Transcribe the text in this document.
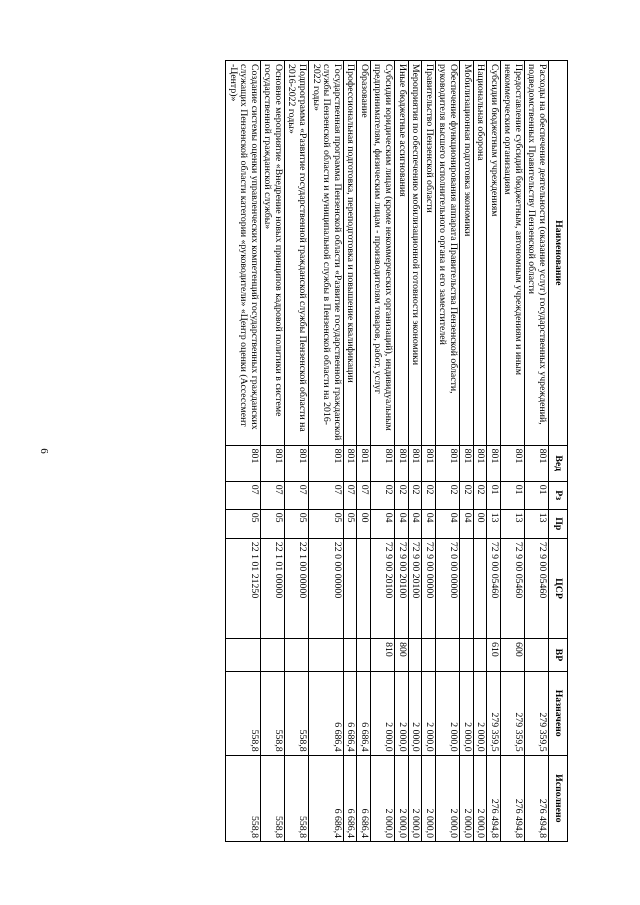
6
Наименование	Вед	Рз	Пр	ЦСР	ВР	Назначено	Исполнено
Расходы на обеспечение деятельности (оказание услуг) государственных учреждений, подведомственных Правительству Пензенской области	801	01	13	72 9 00 05460		279 359,5	276 494,8
Предоставление субсидий бюджетным, автономным учреждениям и иным некоммерческим организациям	801	01	13	72 9 00 05460	600	279 359,5	276 494,8
Субсидии бюджетным учреждениям	801	01	13	72 9 00 05460	610	279 359,5	276 494,8
Национальная оборона	801	02	00			2 000,0	2 000,0
Мобилизационная подготовка экономики	801	02	04			2 000,0	2 000,0
Обеспечение функционирования аппарата Правительства Пензенской области, руководителя высшего исполнительного органа и его заместителей	801	02	04	72 0 00 00000		2 000,0	2 000,0
Правительство Пензенской области	801	02	04	72 9 00 00000		2 000,0	2 000,0
Мероприятия по обеспечению мобилизационной готовности экономики	801	02	04	72 9 00 20100		2 000,0	2 000,0
Иные бюджетные ассигнования	801	02	04	72 9 00 20100	800	2 000,0	2 000,0
Субсидии юридическим лицам (кроме некоммерческих организаций), индивидуальным предпринимателям, физическим лицам - производителям товаров, работ, услуг	801	02	04	72 9 00 20100	810	2 000,0	2 000,0
Образование	801	07	00			6 686,4	6 686,4
Профессиональная подготовка, переподготовка и повышение квалификации	801	07	05			6 686,4	6 686,4
Государственная программа Пензенской области «Развитие государственной гражданской службы Пензенской области и муниципальной службы в Пензенской области на 2016-2022 годы»	801	07	05	22 0 00 00000		6 686,4	6 686,4
Подпрограмма «Развитие государственной гражданской службы Пензенской области на 2016-2022 годы»	801	07	05	22 1 00 00000		558,8	558,8
Основное мероприятие «Внедрение новых принципов кадровой политики в системе государственной гражданской службы»	801	07	05	22 1 01 00000		558,8	558,8
Создание системы оценки управленческих компетенций государственных гражданских служащих Пензенской области категории «руководители» «Центр оценки (Ассессмент -Центр)»	801	07	05	22 1 01 21250		558,8	558,8
